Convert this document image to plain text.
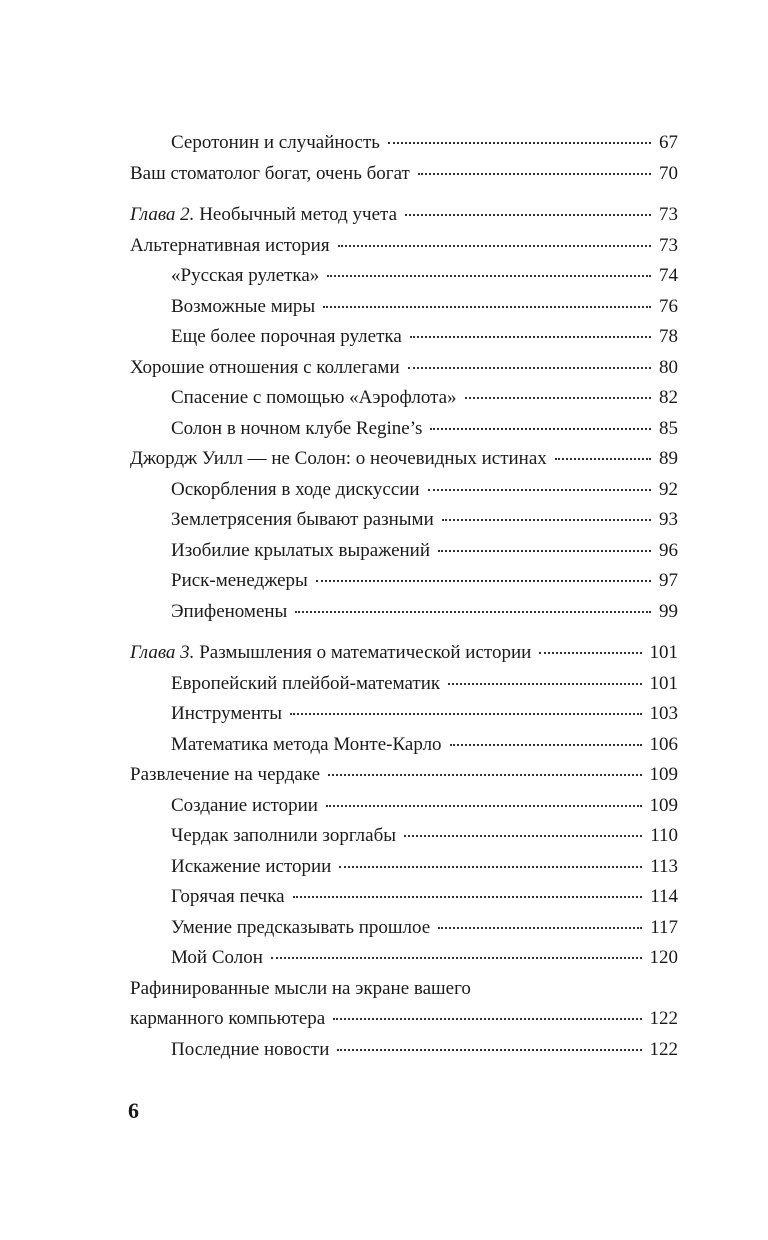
Серотонин и случайность	67
Ваш стоматолог богат, очень богат	70
Глава 2. Необычный метод учета	73
Альтернативная история	73
«Русская рулетка»	74
Возможные миры	76
Еще более порочная рулетка	78
Хорошие отношения с коллегами	80
Спасение с помощью «Аэрофлота»	82
Солон в ночном клубе Regine’s	85
Джордж Уилл — не Солон: о неочевидных истинах	89
Оскорбления в ходе дискуссии	92
Землетрясения бывают разными	93
Изобилие крылатых выражений	96
Риск-менеджеры	97
Эпифеномены	99
Глава 3. Размышления о математической истории	101
Европейский плейбой-математик	101
Инструменты	103
Математика метода Монте-Карло	106
Развлечение на чердаке	109
Создание истории	109
Чердак заполнили зорглабы	110
Искажение истории	113
Горячая печка	114
Умение предсказывать прошлое	117
Мой Солон	120
Рафинированные мысли на экране вашего
карманного компьютера	122
Последние новости	122
6
